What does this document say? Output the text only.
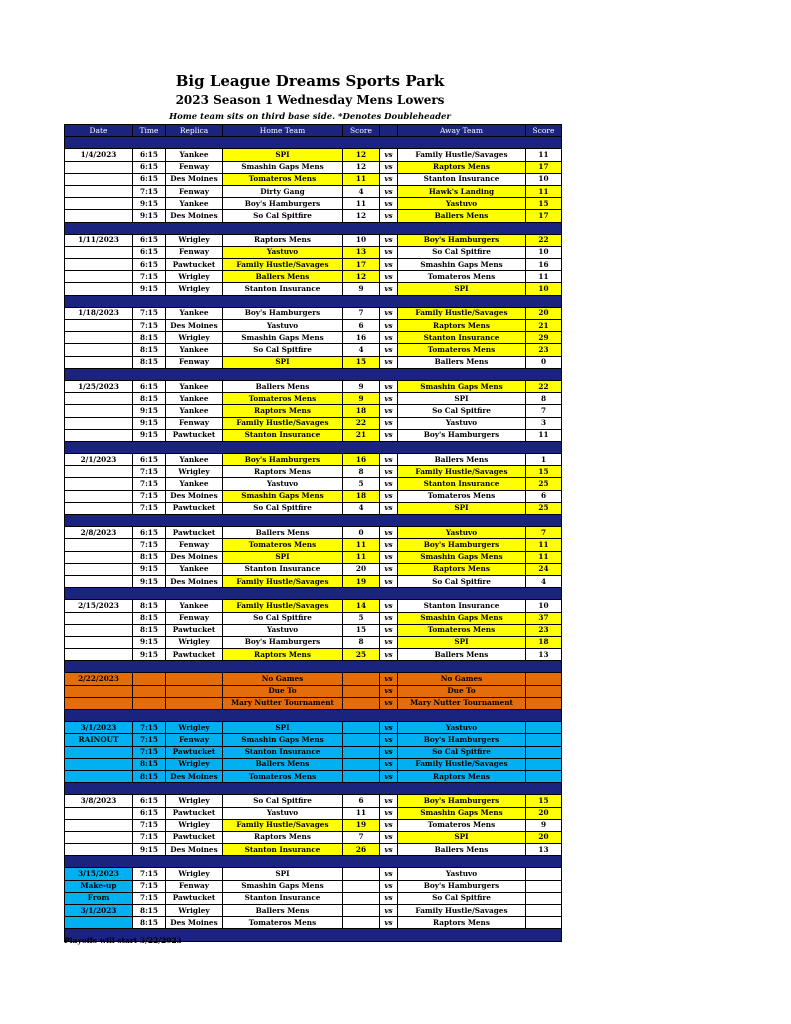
Big League Dreams Sports Park
2023 Season 1 Wednesday Mens Lowers
Home team sits on third base side. *Denotes Doubleheader
Date	Time	Replica	Home Team	Score		Away Team	Score

1/4/2023	6:15	Yankee	SPI	12	vs	Family Hustle/Savages	11
	6:15	Fenway	Smashin Gaps Mens	12	vs	Raptors Mens	17
	6:15	Des Moines	Tomateros Mens	11	vs	Stanton Insurance	10
	7:15	Fenway	Dirty Gang	4	vs	Hawk's Landing	11
	9:15	Yankee	Boy's Hamburgers	11	vs	Yastuvo	15
	9:15	Des Moines	So Cal Spitfire	12	vs	Ballers Mens	17

1/11/2023	6:15	Wrigley	Raptors Mens	10	vs	Boy's Hamburgers	22
	6:15	Fenway	Yastuvo	13	vs	So Cal Spitfire	10
	6:15	Pawtucket	Family Hustle/Savages	17	vs	Smashin Gaps Mens	16
	7:15	Wrigley	Ballers Mens	12	vs	Tomateros Mens	11
	9:15	Wrigley	Stanton Insurance	9	vs	SPI	10

1/18/2023	7:15	Yankee	Boy's Hamburgers	7	vs	Family Hustle/Savages	20
	7:15	Des Moines	Yastuvo	6	vs	Raptors Mens	21
	8:15	Wrigley	Smashin Gaps Mens	16	vs	Stanton Insurance	29
	8:15	Yankee	So Cal Spitfire	4	vs	Tomateros Mens	23
	8:15	Fenway	SPI	15	vs	Ballers Mens	0

1/25/2023	6:15	Yankee	Ballers Mens	9	vs	Smashin Gaps Mens	22
	8:15	Yankee	Tomateros Mens	9	vs	SPI	8
	9:15	Yankee	Raptors Mens	18	vs	So Cal Spitfire	7
	9:15	Fenway	Family Hustle/Savages	22	vs	Yastuvo	3
	9:15	Pawtucket	Stanton Insurance	21	vs	Boy's Hamburgers	11

2/1/2023	6:15	Yankee	Boy's Hamburgers	16	vs	Ballers Mens	1
	7:15	Wrigley	Raptors Mens	8	vs	Family Hustle/Savages	15
	7:15	Yankee	Yastuvo	5	vs	Stanton Insurance	25
	7:15	Des Moines	Smashin Gaps Mens	18	vs	Tomateros Mens	6
	7:15	Pawtucket	So Cal Spitfire	4	vs	SPI	25

2/8/2023	6:15	Pawtucket	Ballers Mens	0	vs	Yastuvo	7
	7:15	Fenway	Tomateros Mens	11	vs	Boy's Hamburgers	11
	8:15	Des Moines	SPI	11	vs	Smashin Gaps Mens	11
	9:15	Yankee	Stanton Insurance	20	vs	Raptors Mens	24
	9:15	Des Moines	Family Hustle/Savages	19	vs	So Cal Spitfire	4

2/15/2023	8:15	Yankee	Family Hustle/Savages	14	vs	Stanton Insurance	10
	8:15	Fenway	So Cal Spitfire	5	vs	Smashin Gaps Mens	37
	8:15	Pawtucket	Yastuvo	15	vs	Tomateros Mens	23
	9:15	Wrigley	Boy's Hamburgers	8	vs	SPI	18
	9:15	Pawtucket	Raptors Mens	25	vs	Ballers Mens	13

2/22/2023			No Games		vs	No Games	
			Due To		vs	Due To	
			Mary Nutter Tournament		vs	Mary Nutter Tournament	

3/1/2023	7:15	Wrigley	SPI		vs	Yastuvo	
RAINOUT	7:15	Fenway	Smashin Gaps Mens		vs	Boy's Hamburgers	
	7:15	Pawtucket	Stanton Insurance		vs	So Cal Spitfire	
	8:15	Wrigley	Ballers Mens		vs	Family Hustle/Savages	
	8:15	Des Moines	Tomateros Mens		vs	Raptors Mens	

3/8/2023	6:15	Wrigley	So Cal Spitfire	6	vs	Boy's Hamburgers	15
	6:15	Pawtucket	Yastuvo	11	vs	Smashin Gaps Mens	20
	7:15	Wrigley	Family Hustle/Savages	19	vs	Tomateros Mens	9
	7:15	Pawtucket	Raptors Mens	7	vs	SPI	20
	9:15	Des Moines	Stanton Insurance	26	vs	Ballers Mens	13

3/15/2023	7:15	Wrigley	SPI		vs	Yastuvo	
Make-up	7:15	Fenway	Smashin Gaps Mens		vs	Boy's Hamburgers	
From	7:15	Pawtucket	Stanton Insurance		vs	So Cal Spitfire	
3/1/2023	8:15	Wrigley	Ballers Mens		vs	Family Hustle/Savages	
	8:15	Des Moines	Tomateros Mens		vs	Raptors Mens	

Playoffs will start 3/22/2023
